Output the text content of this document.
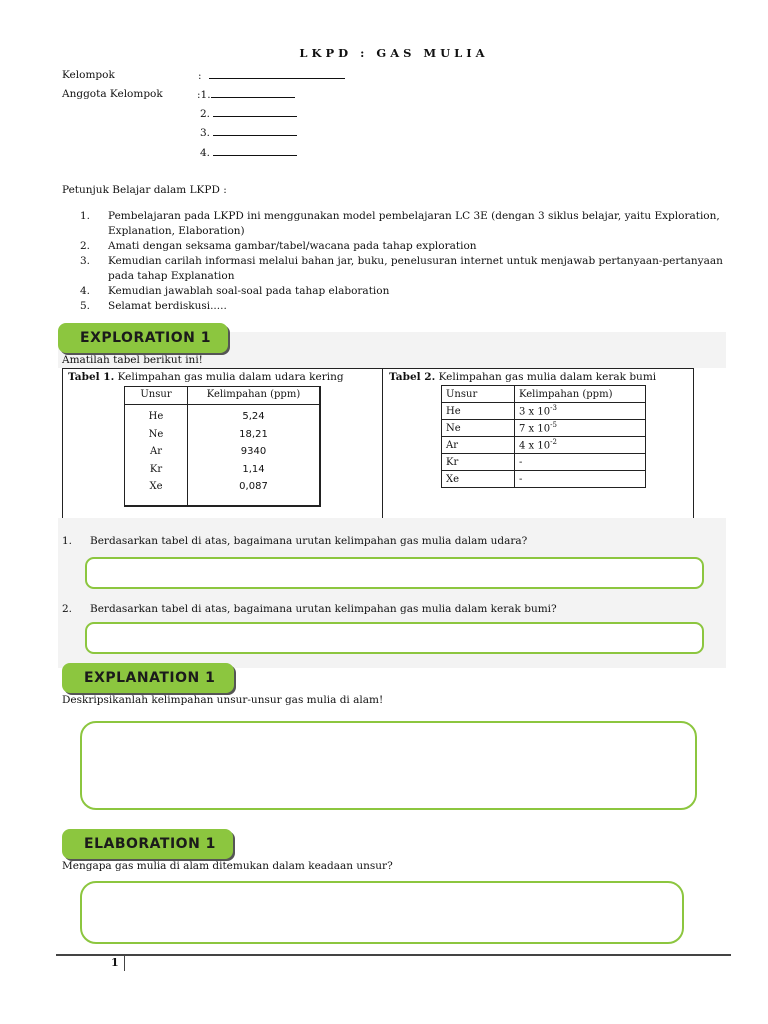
LKPD : GAS MULIA
Kelompok	:
Anggota Kelompok	:1.
2.
3.
4.
Petunjuk Belajar dalam LKPD :
1.	Pembelajaran pada LKPD ini menggunakan model pembelajaran LC 3E (dengan 3 siklus belajar, yaitu Exploration, Explanation, Elaboration)
2.	Amati dengan seksama gambar/tabel/wacana pada tahap exploration
3.	Kemudian carilah informasi melalui bahan jar, buku, penelusuran internet untuk menjawab pertanyaan-pertanyaan pada tahap Explanation
4.	Kemudian jawablah soal-soal pada tahap elaboration
5.	Selamat berdiskusi.....
EXPLORATION 1
Amatilah tabel berikut ini!
Tabel 1. Kelimpahan gas mulia dalam udara kering
Unsur	Kelimpahan (ppm)
He	5,24
Ne	18,21
Ar	9340
Kr	1,14
Xe	0,087
Tabel 2. Kelimpahan gas mulia dalam kerak bumi
Unsur	Kelimpahan (ppm)
He	3 x $10^{-3}$
Ne	7 x $10^{-5}$
Ar	4 x $10^{-2}$
Kr	-
Xe	-
1. Berdasarkan tabel di atas, bagaimana urutan kelimpahan gas mulia dalam udara?
2. Berdasarkan tabel di atas, bagaimana urutan kelimpahan gas mulia dalam kerak bumi?
EXPLANATION 1
Deskripsikanlah kelimpahan unsur-unsur gas mulia di alam!
ELABORATION 1
Mengapa gas mulia di alam ditemukan dalam keadaan unsur?
1
